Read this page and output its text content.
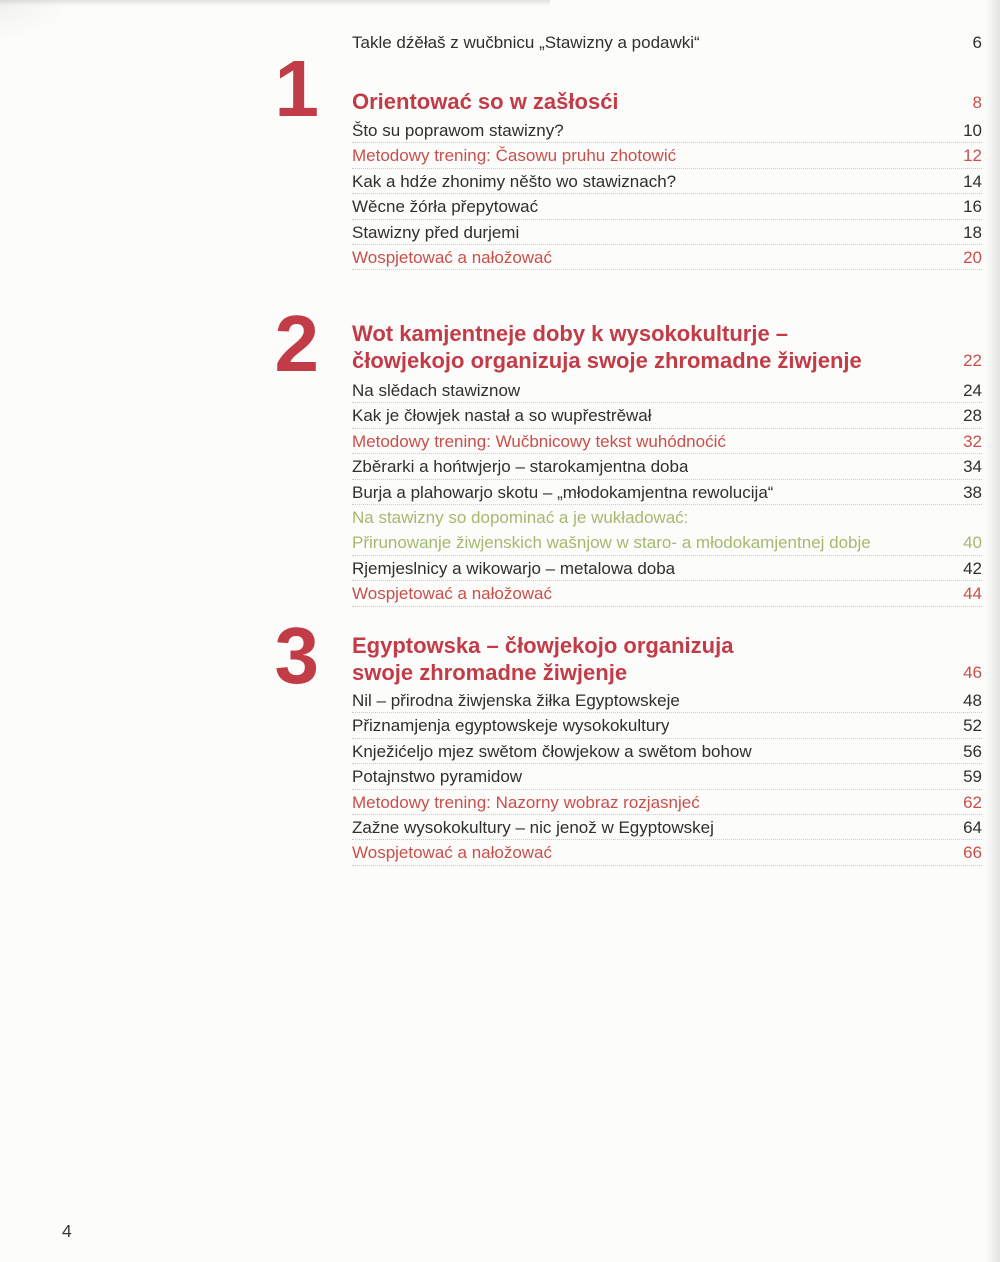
Takle dźěłaš z wučbnicu „Stawizny a podawki“	6
1 Orientować so w zašłosći	8
Što su poprawom stawizny?	10
Metodowy trening: Časowu pruhu zhotowić	12
Kak a hdźe zhonimy něšto wo stawiznach?	14
Wěcne žórła přepytować	16
Stawizny před durjemi	18
Wospjetować a nałožować	20
2 Wot kamjentneje doby k wysokokulturje –
čłowjekojo organizuja swoje zhromadne žiwjenje	22
Na slědach stawiznow	24
Kak je čłowjek nastał a so wupřestrěwał	28
Metodowy trening: Wučbnicowy tekst wuhódnoćić	32
Zběrarki a hońtwjerjo – starokamjentna doba	34
Burja a plahowarjo skotu – „młodokamjentna rewolucija“	38
Na stawizny so dopominać a je wukładować:
Přirunowanje žiwjenskich wašnjow w staro- a młodokamjentnej dobje	40
Rjemjeslnicy a wikowarjo – metalowa doba	42
Wospjetować a nałožować	44
3 Egyptowska – čłowjekojo organizuja
swoje zhromadne žiwjenje	46
Nil – přirodna žiwjenska žiłka Egyptowskeje	48
Přiznamjenja egyptowskeje wysokokultury	52
Knježićeljo mjez swětom čłowjekow a swětom bohow	56
Potajnstwo pyramidow	59
Metodowy trening: Nazorny wobraz rozjasnjeć	62
Zažne wysokokultury – nic jenož w Egyptowskej	64
Wospjetować a nałožować	66
4
